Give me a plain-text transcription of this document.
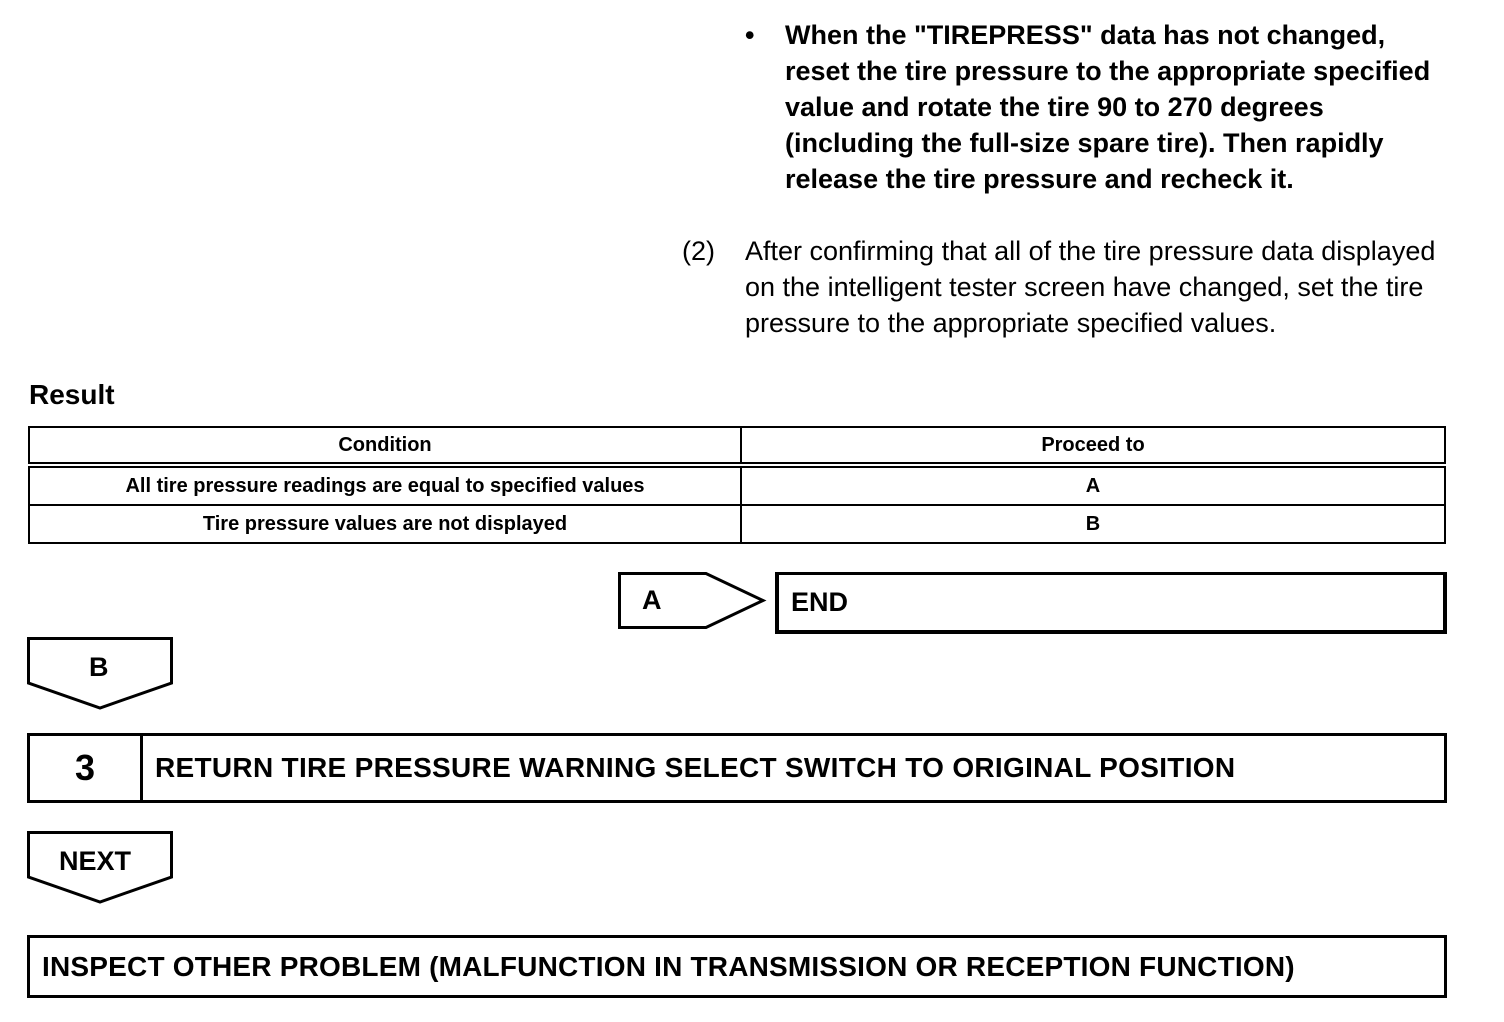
• When the "TIREPRESS" data has not changed, reset the tire pressure to the appropriate specified value and rotate the tire 90 to 270 degrees (including the full-size spare tire). Then rapidly release the tire pressure and recheck it.
(2) After confirming that all of the tire pressure data displayed on the intelligent tester screen have changed, set the tire pressure to the appropriate specified values.
Result
Condition	Proceed to
All tire pressure readings are equal to specified values	A
Tire pressure values are not displayed	B
A	END
B
3	RETURN TIRE PRESSURE WARNING SELECT SWITCH TO ORIGINAL POSITION
NEXT
INSPECT OTHER PROBLEM (MALFUNCTION IN TRANSMISSION OR RECEPTION FUNCTION)
